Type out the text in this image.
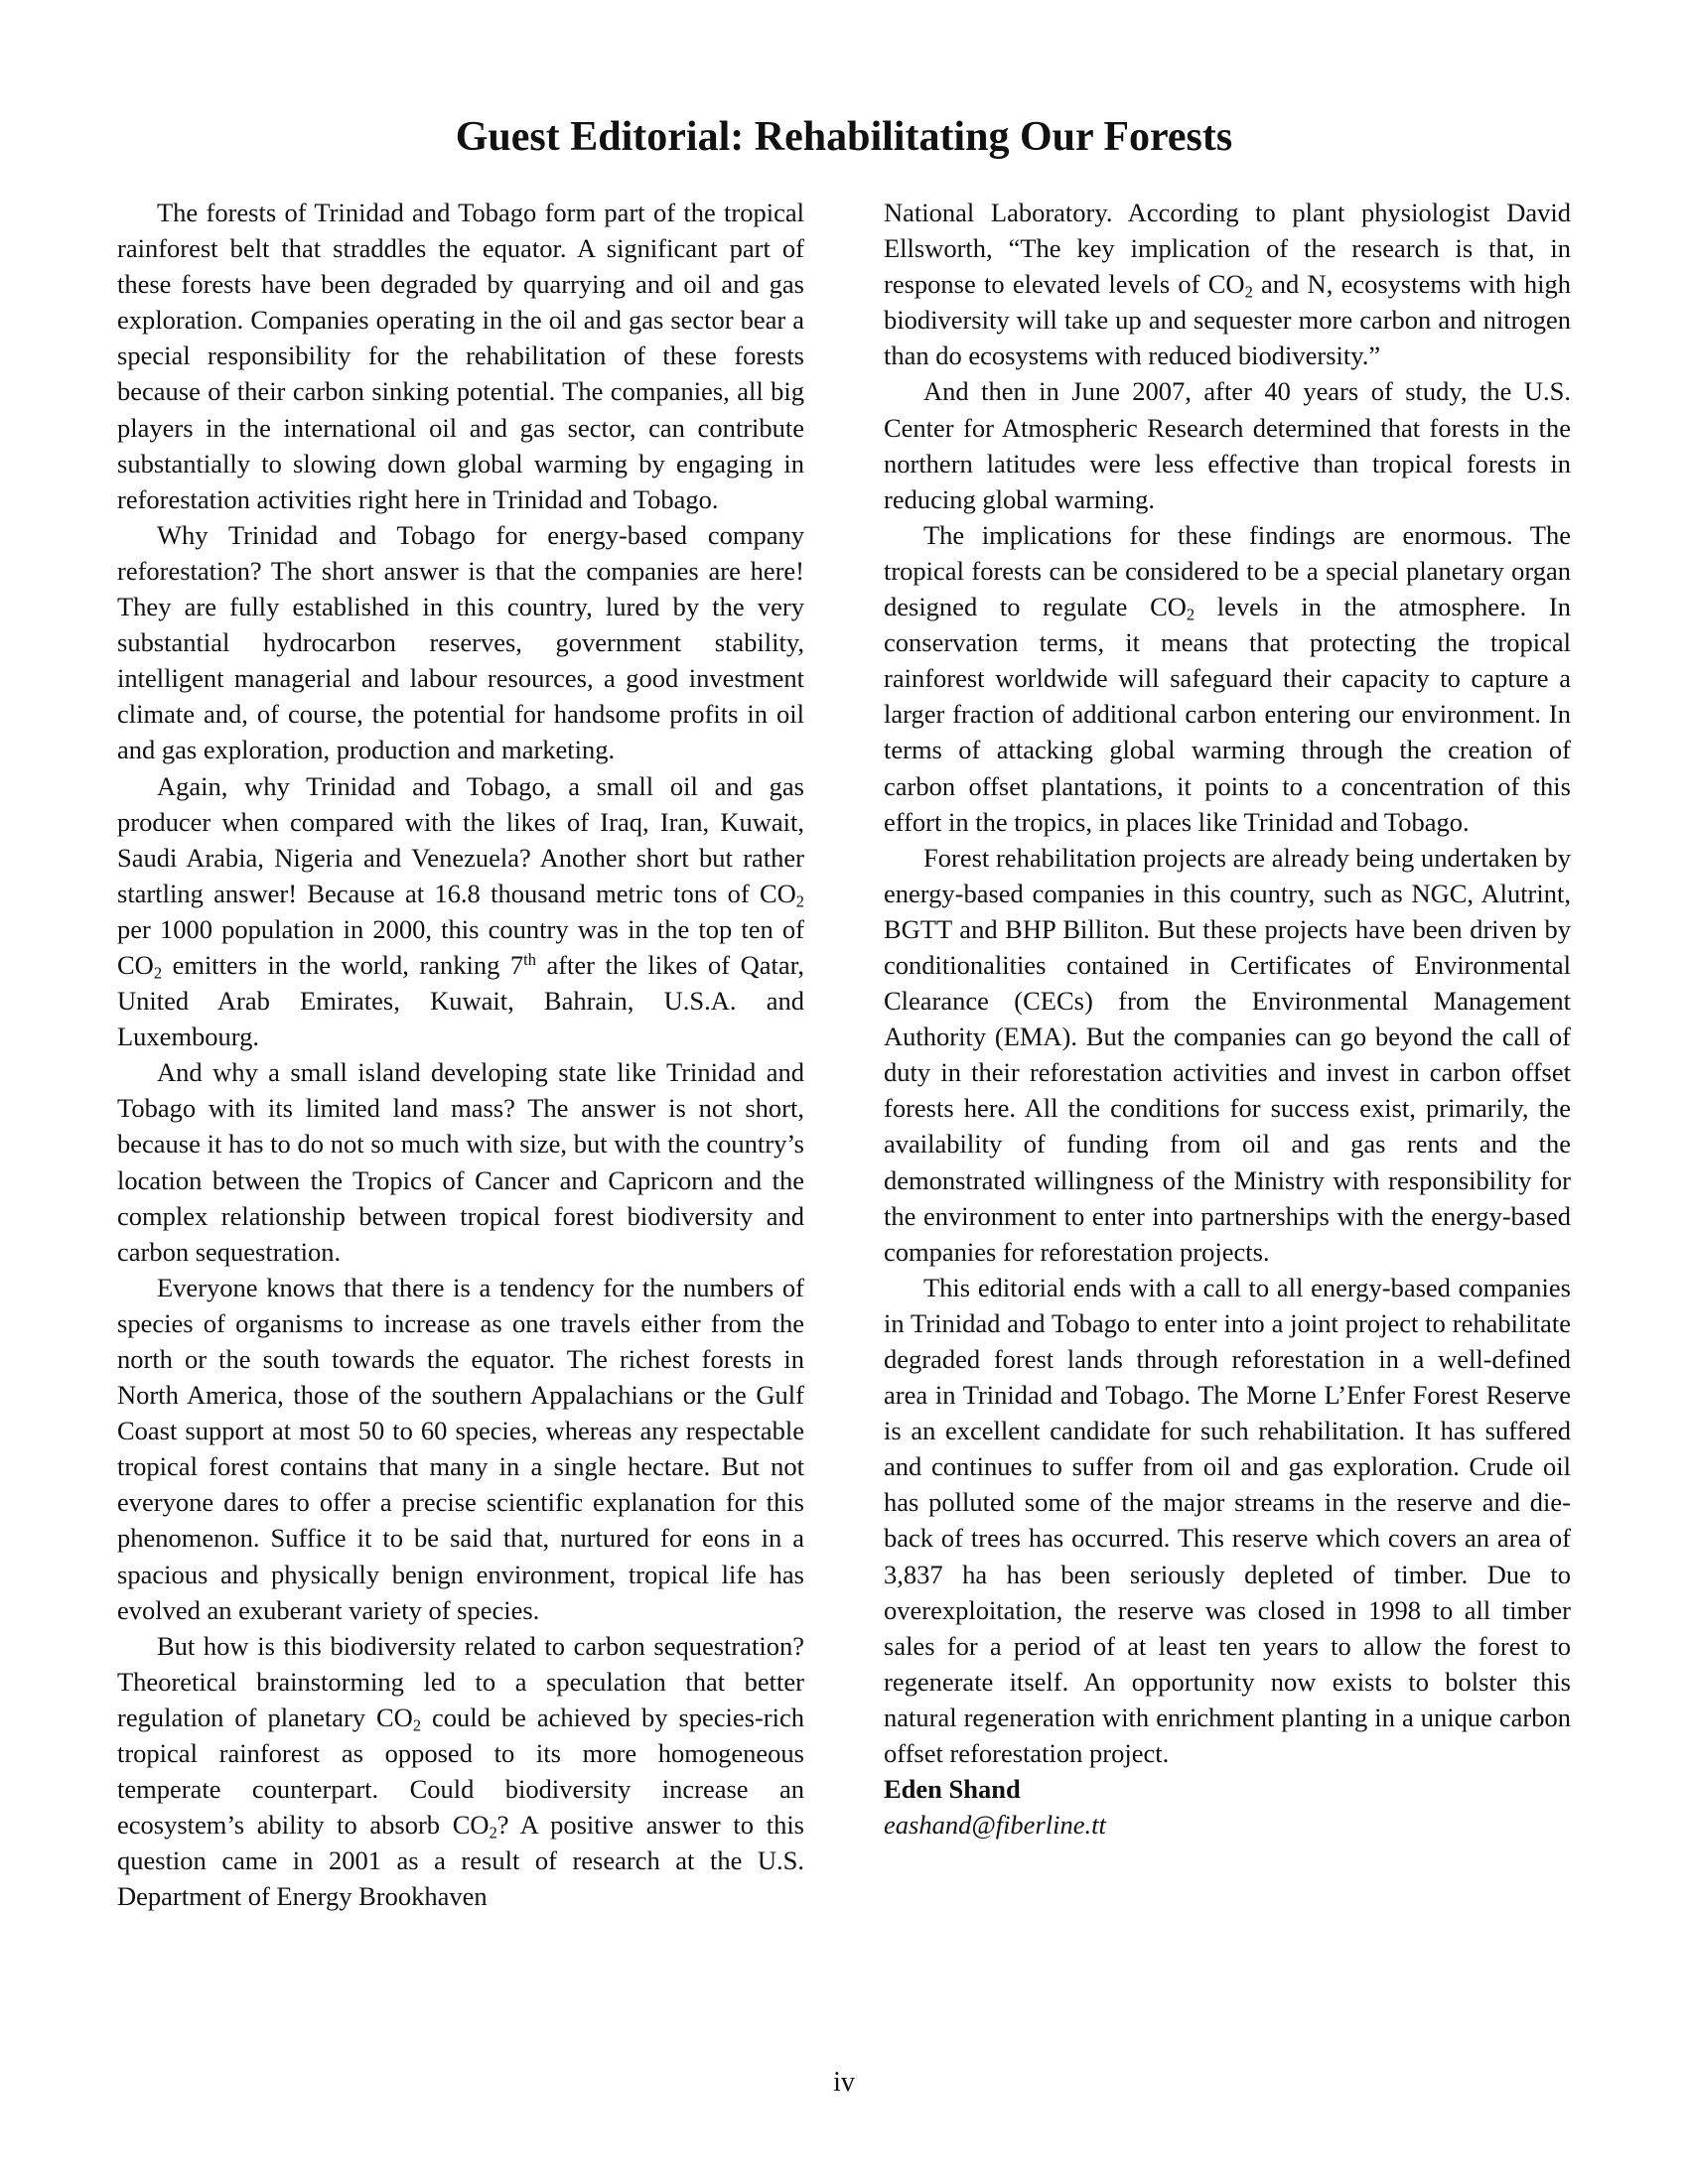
Guest Editorial: Rehabilitating Our Forests

The forests of Trinidad and Tobago form part of the tropical rainforest belt that straddles the equator. A significant part of these forests have been degraded by quarrying and oil and gas exploration. Companies operating in the oil and gas sector bear a special responsibility for the rehabilitation of these forests because of their carbon sinking potential. The companies, all big players in the international oil and gas sector, can contribute substantially to slowing down global warming by engaging in reforestation activities right here in Trinidad and Tobago.

Why Trinidad and Tobago for energy-based company reforestation? The short answer is that the companies are here! They are fully established in this country, lured by the very substantial hydrocarbon reserves, government stability, intelligent managerial and labour resources, a good investment climate and, of course, the potential for handsome profits in oil and gas exploration, production and marketing.

Again, why Trinidad and Tobago, a small oil and gas producer when compared with the likes of Iraq, Iran, Kuwait, Saudi Arabia, Nigeria and Venezuela? Another short but rather startling answer! Because at 16.8 thousand metric tons of $CO_2$ per 1000 population in 2000, this country was in the top ten of $CO_2$ emitters in the world, ranking 7th after the likes of Qatar, United Arab Emirates, Kuwait, Bahrain, U.S.A. and Luxembourg.

And why a small island developing state like Trinidad and Tobago with its limited land mass? The answer is not short, because it has to do not so much with size, but with the country’s location between the Tropics of Cancer and Capricorn and the complex relationship between tropical forest biodiversity and carbon sequestration.

Everyone knows that there is a tendency for the numbers of species of organisms to increase as one travels either from the north or the south towards the equator. The richest forests in North America, those of the southern Appalachians or the Gulf Coast support at most 50 to 60 species, whereas any respectable tropical forest contains that many in a single hectare. But not everyone dares to offer a precise scientific explanation for this phenomenon. Suffice it to be said that, nurtured for eons in a spacious and physically benign environment, tropical life has evolved an exuberant variety of species.

But how is this biodiversity related to carbon sequestration? Theoretical brainstorming led to a speculation that better regulation of planetary $CO_2$ could be achieved by species-rich tropical rainforest as opposed to its more homogeneous temperate counterpart. Could biodiversity increase an ecosystem’s ability to absorb $CO_2$? A positive answer to this question came in 2001 as a result of research at the U.S. Department of Energy Brookhaven

National Laboratory. According to plant physiologist David Ellsworth, “The key implication of the research is that, in response to elevated levels of $CO_2$ and N, ecosystems with high biodiversity will take up and sequester more carbon and nitrogen than do ecosystems with reduced biodiversity.”

And then in June 2007, after 40 years of study, the U.S. Center for Atmospheric Research determined that forests in the northern latitudes were less effective than tropical forests in reducing global warming.

The implications for these findings are enormous. The tropical forests can be considered to be a special planetary organ designed to regulate $CO_2$ levels in the atmosphere. In conservation terms, it means that protecting the tropical rainforest worldwide will safeguard their capacity to capture a larger fraction of additional carbon entering our environment. In terms of attacking global warming through the creation of carbon offset plantations, it points to a concentration of this effort in the tropics, in places like Trinidad and Tobago.

Forest rehabilitation projects are already being undertaken by energy-based companies in this country, such as NGC, Alutrint, BGTT and BHP Billiton. But these projects have been driven by conditionalities contained in Certificates of Environmental Clearance (CECs) from the Environmental Management Authority (EMA). But the companies can go beyond the call of duty in their reforestation activities and invest in carbon offset forests here. All the conditions for success exist, primarily, the availability of funding from oil and gas rents and the demonstrated willingness of the Ministry with responsibility for the environment to enter into partnerships with the energy-based companies for reforestation projects.

This editorial ends with a call to all energy-based companies in Trinidad and Tobago to enter into a joint project to rehabilitate degraded forest lands through reforestation in a well-defined area in Trinidad and Tobago. The Morne L’Enfer Forest Reserve is an excellent candidate for such rehabilitation. It has suffered and continues to suffer from oil and gas exploration. Crude oil has polluted some of the major streams in the reserve and die-back of trees has occurred. This reserve which covers an area of 3,837 ha has been seriously depleted of timber. Due to overexploitation, the reserve was closed in 1998 to all timber sales for a period of at least ten years to allow the forest to regenerate itself. An opportunity now exists to bolster this natural regeneration with enrichment planting in a unique carbon offset reforestation project.

Eden Shand
eashand@fiberline.tt

iv
